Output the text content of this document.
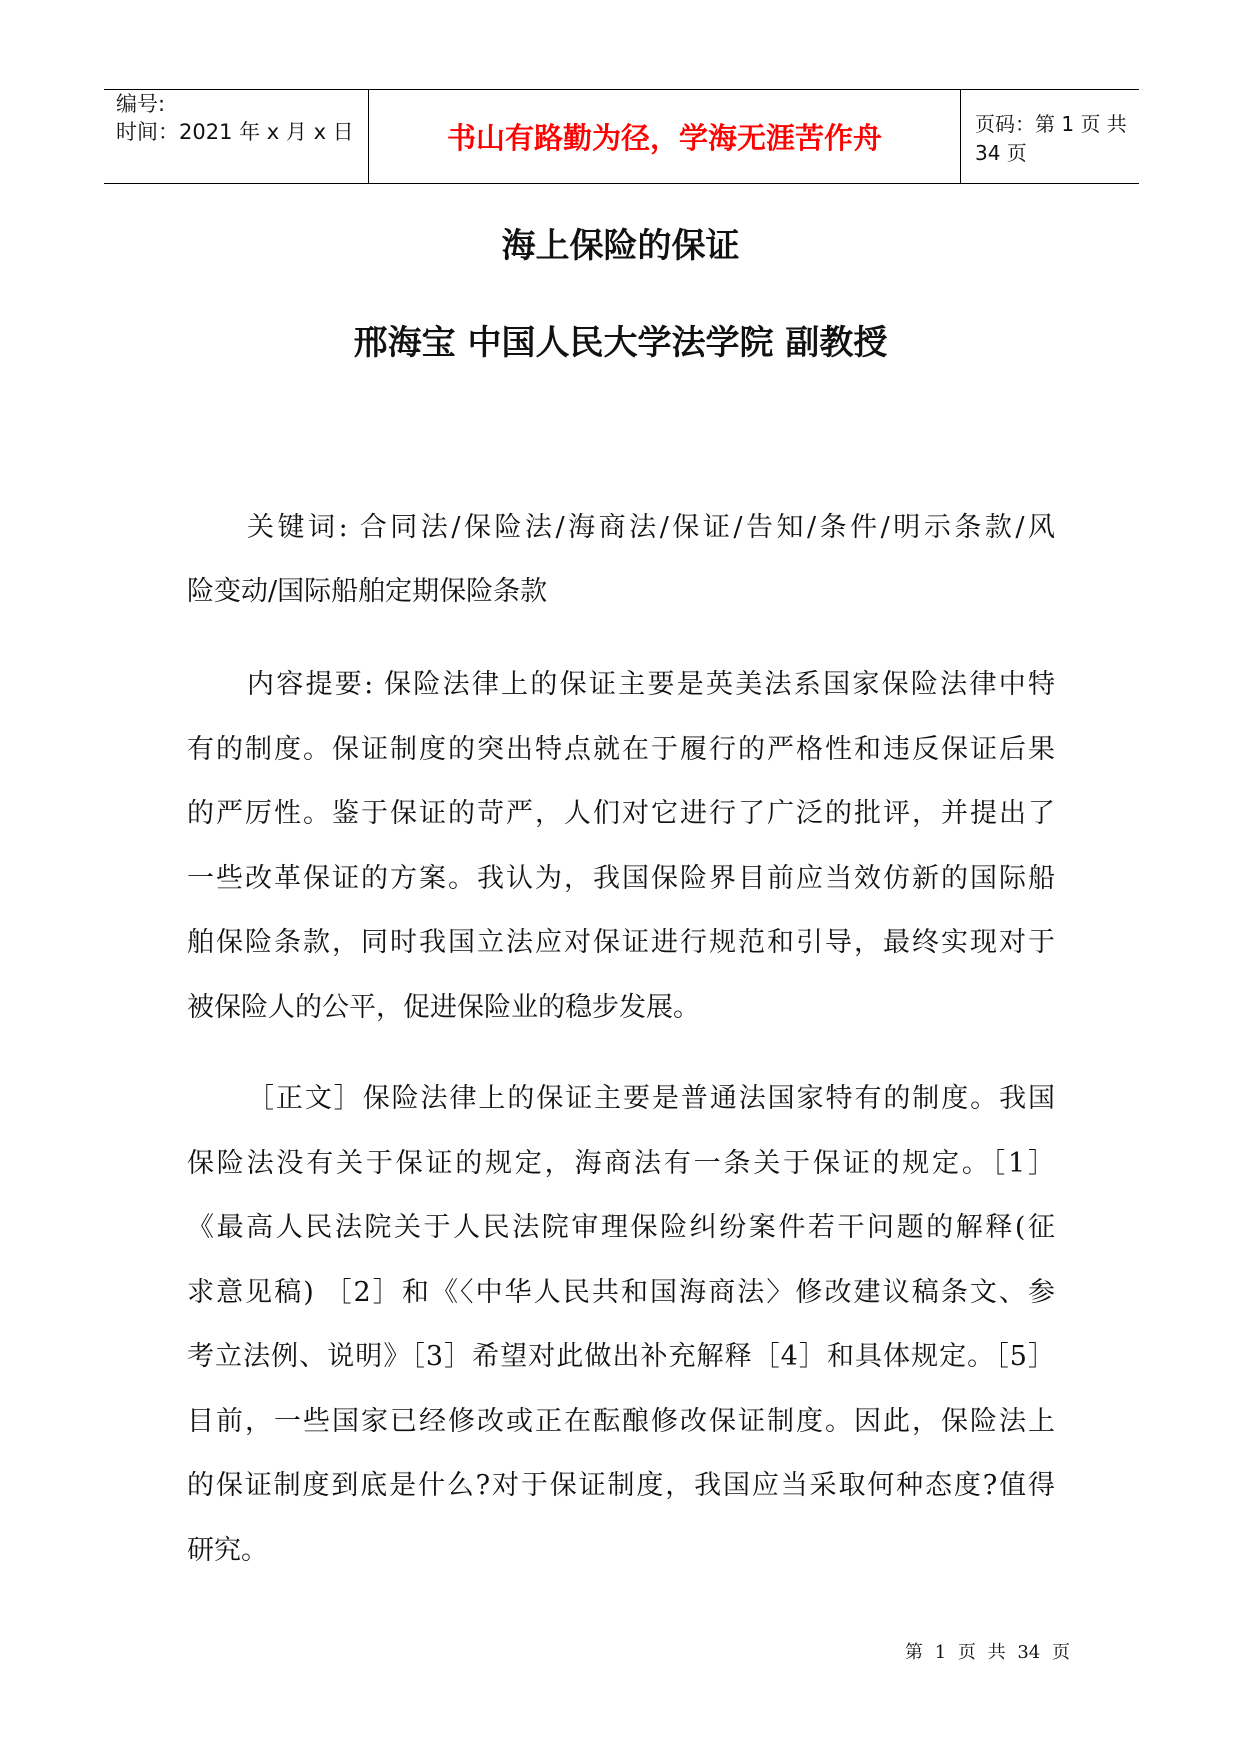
编号:
时间：2021 年 x 月 x 日	书山有路勤为径，学海无涯苦作舟	页码：第 1 页 共 34 页
海上保险的保证
邢海宝 中国人民大学法学院 副教授
关键词: 合同法/保险法/海商法/保证/告知/条件/明示条款/风
险变动/国际船舶定期保险条款
内容提要: 保险法律上的保证主要是英美法系国家保险法律中特
有的制度。保证制度的突出特点就在于履行的严格性和违反保证后果
的严厉性。鉴于保证的苛严，人们对它进行了广泛的批评，并提出了
一些改革保证的方案。我认为，我国保险界目前应当效仿新的国际船
舶保险条款，同时我国立法应对保证进行规范和引导，最终实现对于
被保险人的公平，促进保险业的稳步发展。
［正文］保险法律上的保证主要是普通法国家特有的制度。我国
保险法没有关于保证的规定，海商法有一条关于保证的规定。［1］
《最高人民法院关于人民法院审理保险纠纷案件若干问题的解释(征
求意见稿) ［2］和《〈中华人民共和国海商法〉修改建议稿条文、参
考立法例、说明》［3］希望对此做出补充解释［4］和具体规定。［5］
目前，一些国家已经修改或正在酝酿修改保证制度。因此，保险法上
的保证制度到底是什么?对于保证制度，我国应当采取何种态度?值得
研究。
第 1 页 共 34 页
